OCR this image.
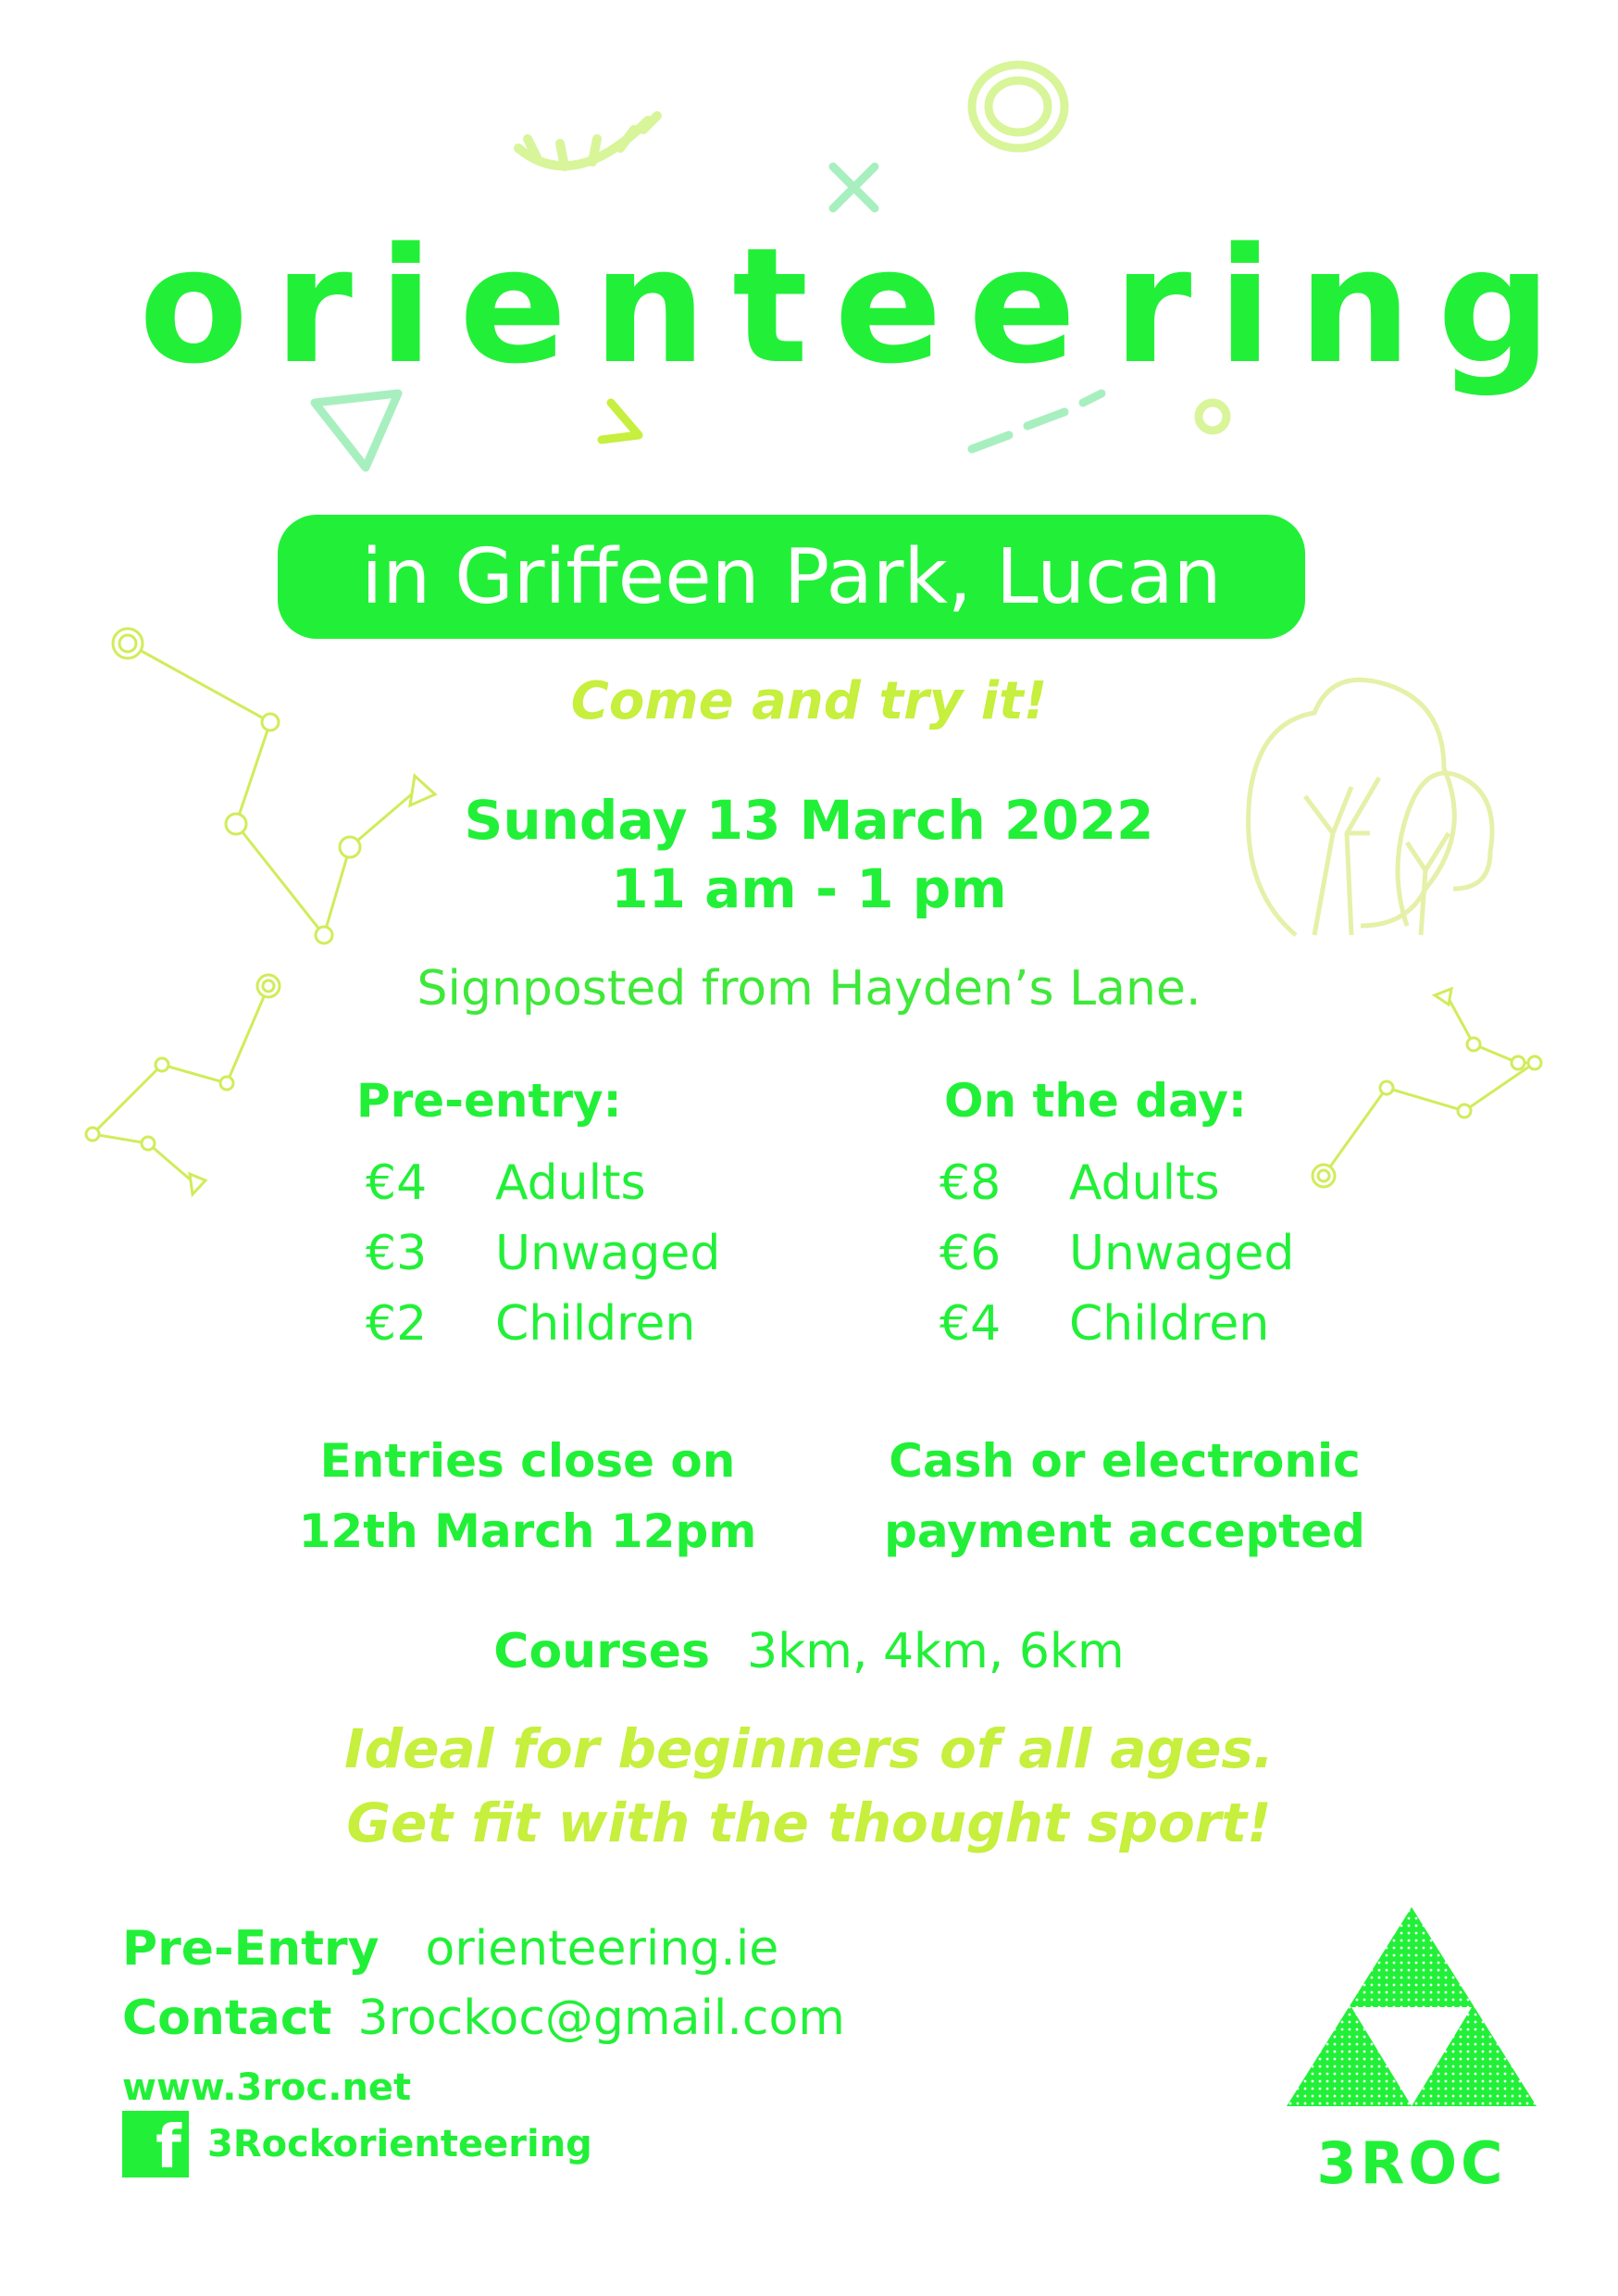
orientee ring
in Griffeen Park, Lucan
Come and try it!
Sunday 13 March 2022
11 am - 1 pm
Signposted from Hayden’s Lane.
Pre-entry:
€4	Adults
€3	Unwaged
€2	Children
On the day:
€8	Adults
€6	Unwaged
€4	Children
Entries close on
12th March 12pm
Cash or electronic
payment accepted
Courses 3km, 4km, 6km
Ideal for beginners of all ages.
Get fit with the thought sport!
Pre-Entry orienteering.ie
Contact 3rockoc@gmail.com
www.3roc.net
f 3Rockorienteering	3ROC
